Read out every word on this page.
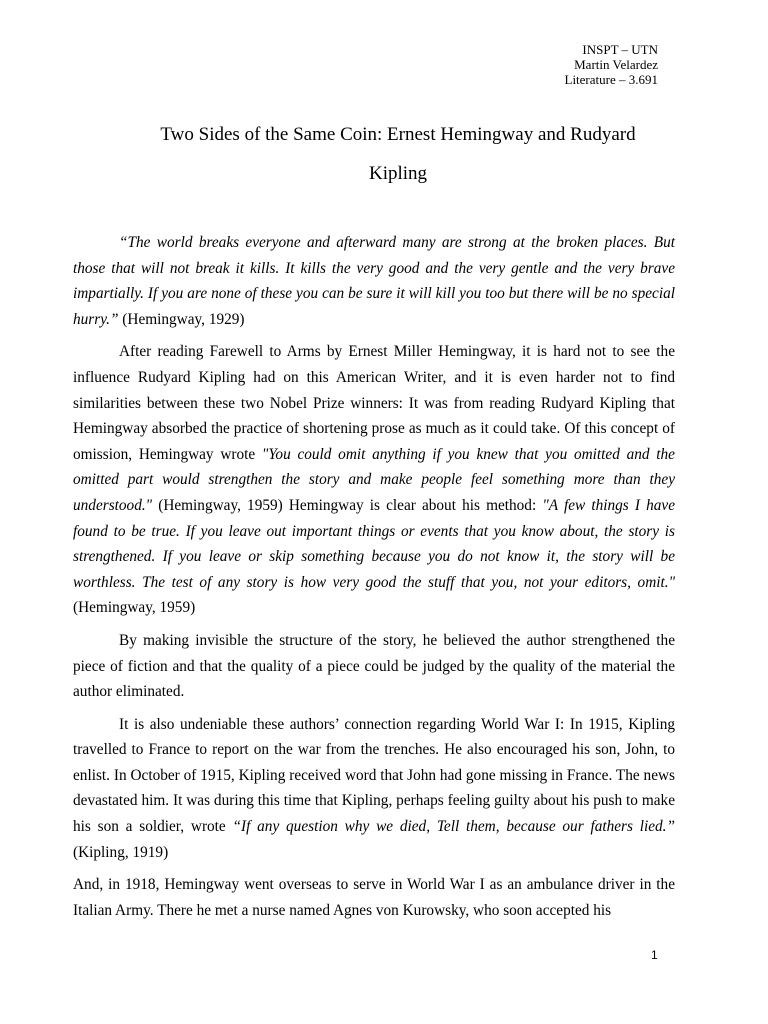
INSPT – UTN
Martin Velardez
Literature – 3.691
Two Sides of the Same Coin: Ernest Hemingway and Rudyard
Kipling

“The world breaks everyone and afterward many are strong at the broken places. But those that will not break it kills. It kills the very good and the very gentle and the very brave impartially. If you are none of these you can be sure it will kill you too but there will be no special hurry.” (Hemingway, 1929)

After reading Farewell to Arms by Ernest Miller Hemingway, it is hard not to see the influence Rudyard Kipling had on this American Writer, and it is even harder not to find similarities between these two Nobel Prize winners: It was from reading Rudyard Kipling that Hemingway absorbed the practice of shortening prose as much as it could take. Of this concept of omission, Hemingway wrote "You could omit anything if you knew that you omitted and the omitted part would strengthen the story and make people feel something more than they understood." (Hemingway, 1959) Hemingway is clear about his method: "A few things I have found to be true. If you leave out important things or events that you know about, the story is strengthened. If you leave or skip something because you do not know it, the story will be worthless. The test of any story is how very good the stuff that you, not your editors, omit." (Hemingway, 1959)

By making invisible the structure of the story, he believed the author strengthened the piece of fiction and that the quality of a piece could be judged by the quality of the material the author eliminated.

It is also undeniable these authors’ connection regarding World War I: In 1915, Kipling travelled to France to report on the war from the trenches. He also encouraged his son, John, to enlist. In October of 1915, Kipling received word that John had gone missing in France. The news devastated him. It was during this time that Kipling, perhaps feeling guilty about his push to make his son a soldier, wrote “If any question why we died, Tell them, because our fathers lied.” (Kipling, 1919)

And, in 1918, Hemingway went overseas to serve in World War I as an ambulance driver in the Italian Army. There he met a nurse named Agnes von Kurowsky, who soon accepted his

1
